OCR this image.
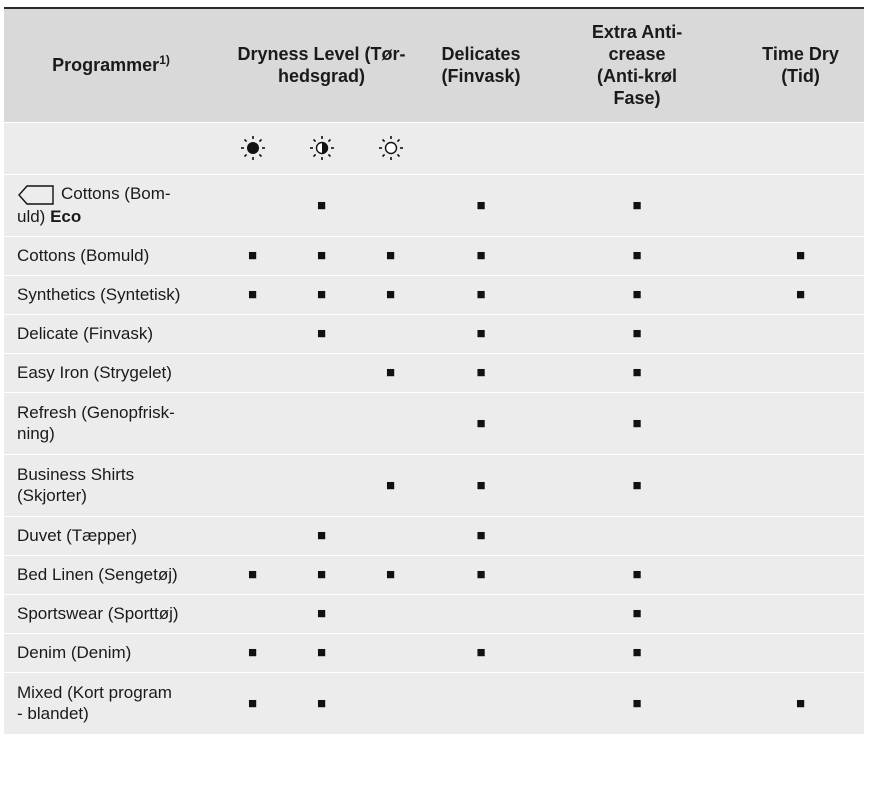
Programmer$^{1)}$	Dryness Level (Tør-
hedsgrad)			Delicates
(Finvask)	Extra Anti-
crease
(Anti-krøl
Fase)	Time Dry
(Tid)

Cottons (Bom-
uld) Eco		■		■	■	
Cottons (Bomuld)	■	■	■	■	■	■
Synthetics (Syntetisk)	■	■	■	■	■	■
Delicate (Finvask)		■		■	■	
Easy Iron (Strygelet)			■	■	■	
Refresh (Genopfrisk-
ning)				■	■	
Business Shirts
(Skjorter)			■	■	■	
Duvet (Tæpper)		■		■		
Bed Linen (Sengetøj)	■	■	■	■	■	
Sportswear (Sporttøj)		■			■	
Denim (Denim)	■	■		■	■	
Mixed (Kort program
- blandet)	■	■			■	■
